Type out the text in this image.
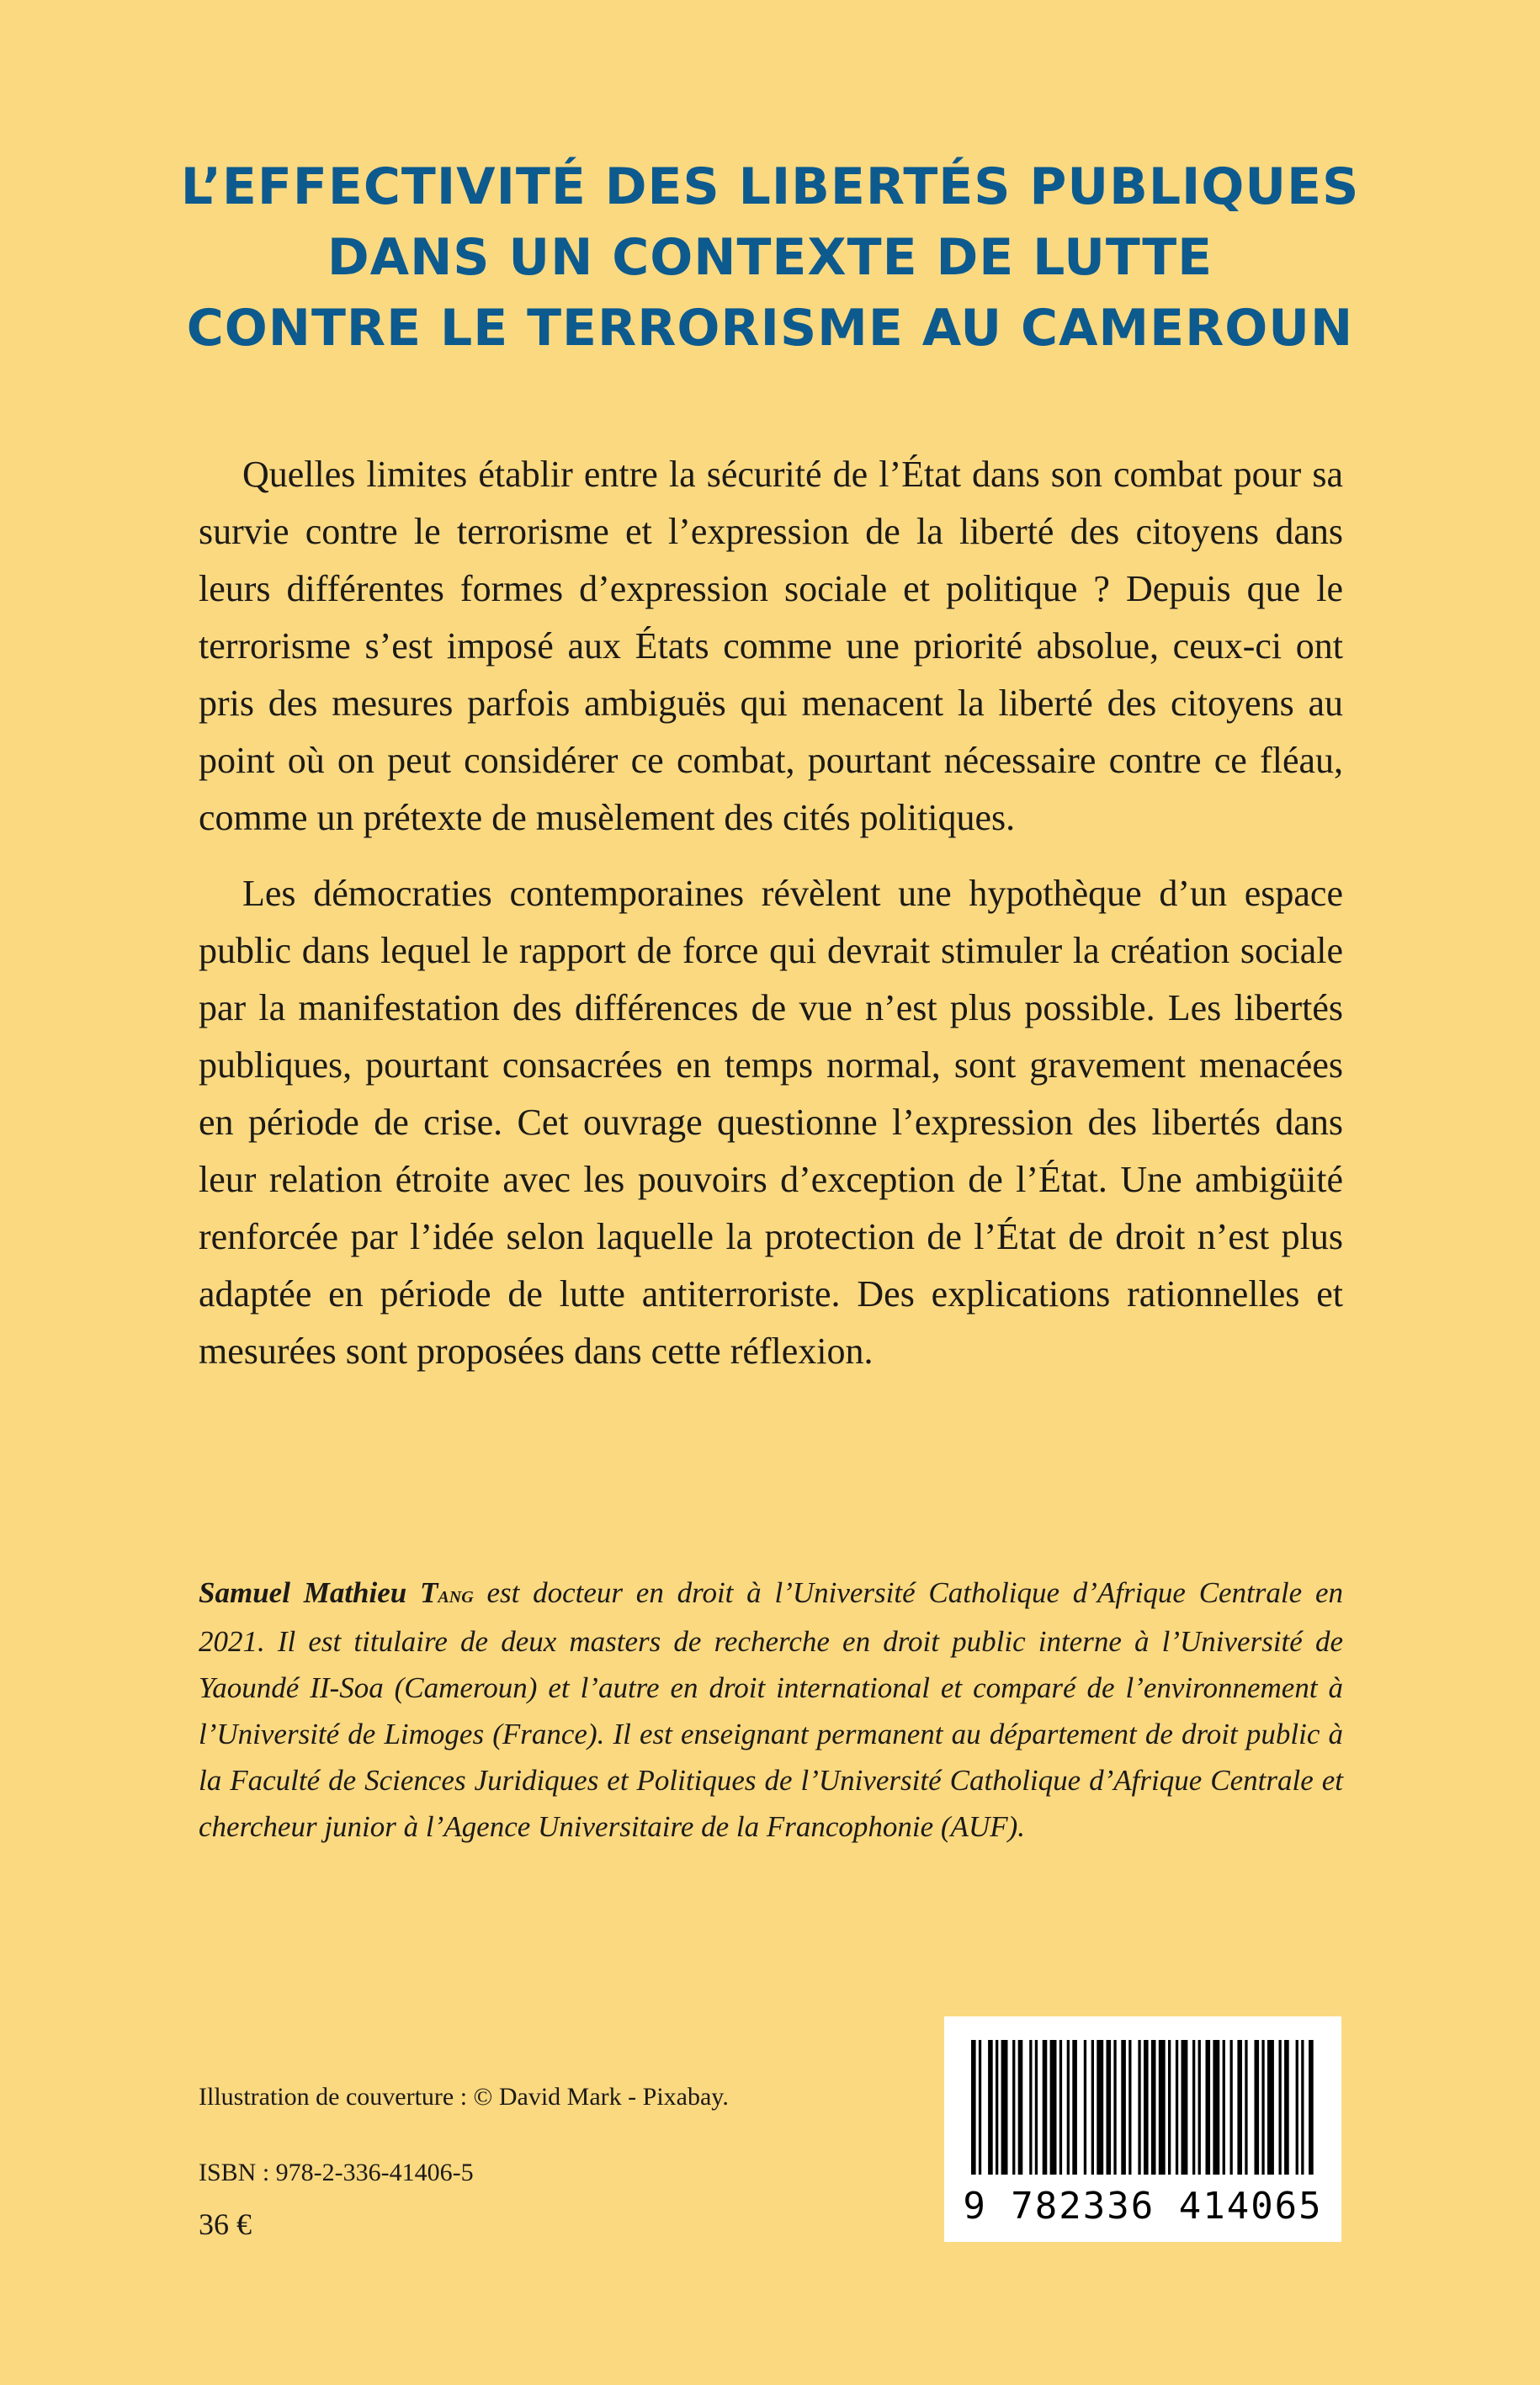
L’EFFECTIVITÉ DES LIBERTÉS PUBLIQUES
DANS UN CONTEXTE DE LUTTE
CONTRE LE TERRORISME AU CAMEROUN

Quelles limites établir entre la sécurité de l’État dans son combat pour sa survie contre le terrorisme et l’expression de la liberté des citoyens dans leurs différentes formes d’expression sociale et politique ? Depuis que le terrorisme s’est imposé aux États comme une priorité absolue, ceux-ci ont pris des mesures parfois ambiguës qui menacent la liberté des citoyens au point où on peut considérer ce combat, pourtant nécessaire contre ce fléau, comme un prétexte de musèlement des cités politiques.

Les démocraties contemporaines révèlent une hypothèque d’un espace public dans lequel le rapport de force qui devrait stimuler la création sociale par la manifestation des différences de vue n’est plus possible. Les libertés publiques, pourtant consacrées en temps normal, sont gravement menacées en période de crise. Cet ouvrage questionne l’expression des libertés dans leur relation étroite avec les pouvoirs d’exception de l’État. Une ambigüité renforcée par l’idée selon laquelle la protection de l’État de droit n’est plus adaptée en période de lutte antiterroriste. Des explications rationnelles et mesurées sont proposées dans cette réflexion.

Samuel Mathieu Tang est docteur en droit à l’Université Catholique d’Afrique Centrale en 2021. Il est titulaire de deux masters de recherche en droit public interne à l’Université de Yaoundé II-Soa (Cameroun) et l’autre en droit international et comparé de l’environnement à l’Université de Limoges (France). Il est enseignant permanent au département de droit public à la Faculté de Sciences Juridiques et Politiques de l’Université Catholique d’Afrique Centrale et chercheur junior à l’Agence Universitaire de la Francophonie (AUF).
Illustration de couverture : © David Mark - Pixabay.
ISBN : 978-2-336-41406-5
36 €	9 782336 414065
